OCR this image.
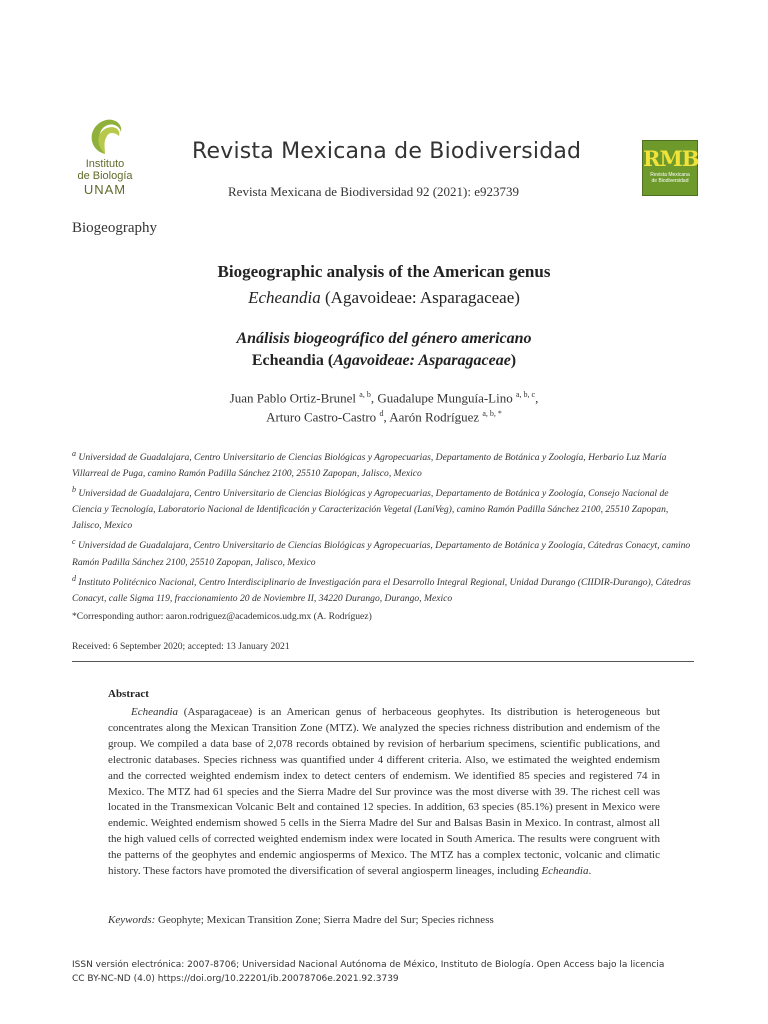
Instituto
de Biología
UNAM
Revista Mexicana de Biodiversidad
Revista Mexicana de Biodiversidad 92 (2021): e923739
RMB
Revista Mexicana
de Biodiversidad
Biogeography
Biogeographic analysis of the American genus
Echeandia (Agavoideae: Asparagaceae)
Análisis biogeográfico del género americano
Echeandia (Agavoideae: Asparagaceae)
Juan Pablo Ortiz-Brunel $^{a, b}$, Guadalupe Munguía-Lino $^{a, b, c}$,
Arturo Castro-Castro $^d$, Aarón Rodríguez $^{a, b, *}$
$^a$ Universidad de Guadalajara, Centro Universitario de Ciencias Biológicas y Agropecuarias, Departamento de Botánica y Zoología, Herbario Luz María Villarreal de Puga, camino Ramón Padilla Sánchez 2100, 25510 Zapopan, Jalisco, Mexico
$^b$ Universidad de Guadalajara, Centro Universitario de Ciencias Biológicas y Agropecuarias, Departamento de Botánica y Zoología, Consejo Nacional de Ciencia y Tecnología, Laboratorio Nacional de Identificación y Caracterización Vegetal (LaniVeg), camino Ramón Padilla Sánchez 2100, 25510 Zapopan, Jalisco, Mexico
$^c$ Universidad de Guadalajara, Centro Universitario de Ciencias Biológicas y Agropecuarias, Departamento de Botánica y Zoología, Cátedras Conacyt, camino Ramón Padilla Sánchez 2100, 25510 Zapopan, Jalisco, Mexico
$^d$ Instituto Politécnico Nacional, Centro Interdisciplinario de Investigación para el Desarrollo Integral Regional, Unidad Durango (CIIDIR-Durango), Cátedras Conacyt, calle Sigma 119, fraccionamiento 20 de Noviembre II, 34220 Durango, Durango, Mexico
*Corresponding author: aaron.rodriguez@academicos.udg.mx (A. Rodríguez)
Received: 6 September 2020; accepted: 13 January 2021
Abstract
Echeandia (Asparagaceae) is an American genus of herbaceous geophytes. Its distribution is heterogeneous but concentrates along the Mexican Transition Zone (MTZ). We analyzed the species richness distribution and endemism of the group. We compiled a data base of 2,078 records obtained by revision of herbarium specimens, scientific publications, and electronic databases. Species richness was quantified under 4 different criteria. Also, we estimated the weighted endemism and the corrected weighted endemism index to detect centers of endemism. We identified 85 species and registered 74 in Mexico. The MTZ had 61 species and the Sierra Madre del Sur province was the most diverse with 39. The richest cell was located in the Transmexican Volcanic Belt and contained 12 species. In addition, 63 species (85.1%) present in Mexico were endemic. Weighted endemism showed 5 cells in the Sierra Madre del Sur and Balsas Basin in Mexico. In contrast, almost all the high valued cells of corrected weighted endemism index were located in South America. The results were congruent with the patterns of the geophytes and endemic angiosperms of Mexico. The MTZ has a complex tectonic, volcanic and climatic history. These factors have promoted the diversification of several angiosperm lineages, including Echeandia.
Keywords: Geophyte; Mexican Transition Zone; Sierra Madre del Sur; Species richness
ISSN versión electrónica: 2007-8706; Universidad Nacional Autónoma de México, Instituto de Biología. Open Access bajo la licencia
CC BY-NC-ND (4.0) https://doi.org/10.22201/ib.20078706e.2021.92.3739
